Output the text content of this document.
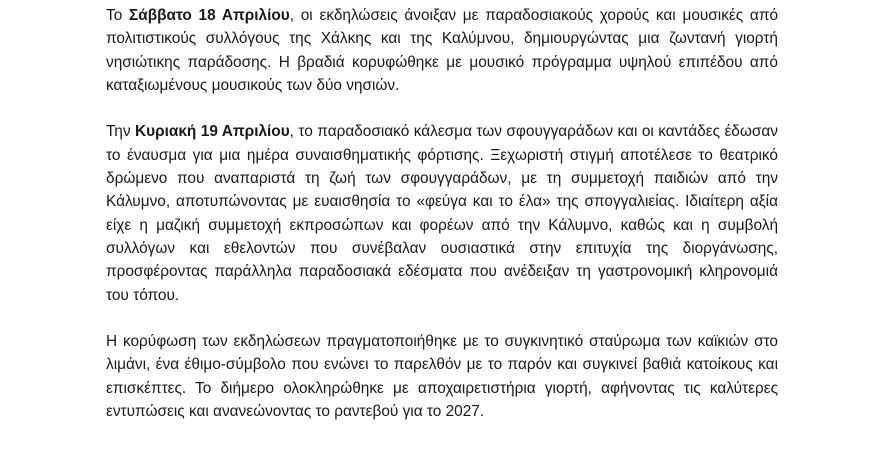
Το Σάββατο 18 Απριλίου, οι εκδηλώσεις άνοιξαν με παραδοσιακούς χορούς και μουσικές από πολιτιστικούς συλλόγους της Χάλκης και της Καλύμνου, δημιουργώντας μια ζωντανή γιορτή νησιώτικης παράδοσης. Η βραδιά κορυφώθηκε με μουσικό πρόγραμμα υψηλού επιπέδου από καταξιωμένους μουσικούς των δύο νησιών.

Την Κυριακή 19 Απριλίου, το παραδοσιακό κάλεσμα των σφουγγαράδων και οι καντάδες έδωσαν το έναυσμα για μια ημέρα συναισθηματικής φόρτισης. Ξεχωριστή στιγμή αποτέλεσε το θεατρικό δρώμενο που αναπαριστά τη ζωή των σφουγγαράδων, με τη συμμετοχή παιδιών από την Κάλυμνο, αποτυπώνοντας με ευαισθησία το «φεύγα και το έλα» της σπογγαλιείας. Ιδιαίτερη αξία είχε η μαζική συμμετοχή εκπροσώπων και φορέων από την Κάλυμνο, καθώς και η συμβολή συλλόγων και εθελοντών που συνέβαλαν ουσιαστικά στην επιτυχία της διοργάνωσης, προσφέροντας παράλληλα παραδοσιακά εδέσματα που ανέδειξαν τη γαστρονομική κληρονομιά του τόπου.

Η κορύφωση των εκδηλώσεων πραγματοποιήθηκε με το συγκινητικό σταύρωμα των καϊκιών στο λιμάνι, ένα έθιμο-σύμβολο που ενώνει το παρελθόν με το παρόν και συγκινεί βαθιά κατοίκους και επισκέπτες. Το διήμερο ολοκληρώθηκε με αποχαιρετιστήρια γιορτή, αφήνοντας τις καλύτερες εντυπώσεις και ανανεώνοντας το ραντεβού για το 2027.
